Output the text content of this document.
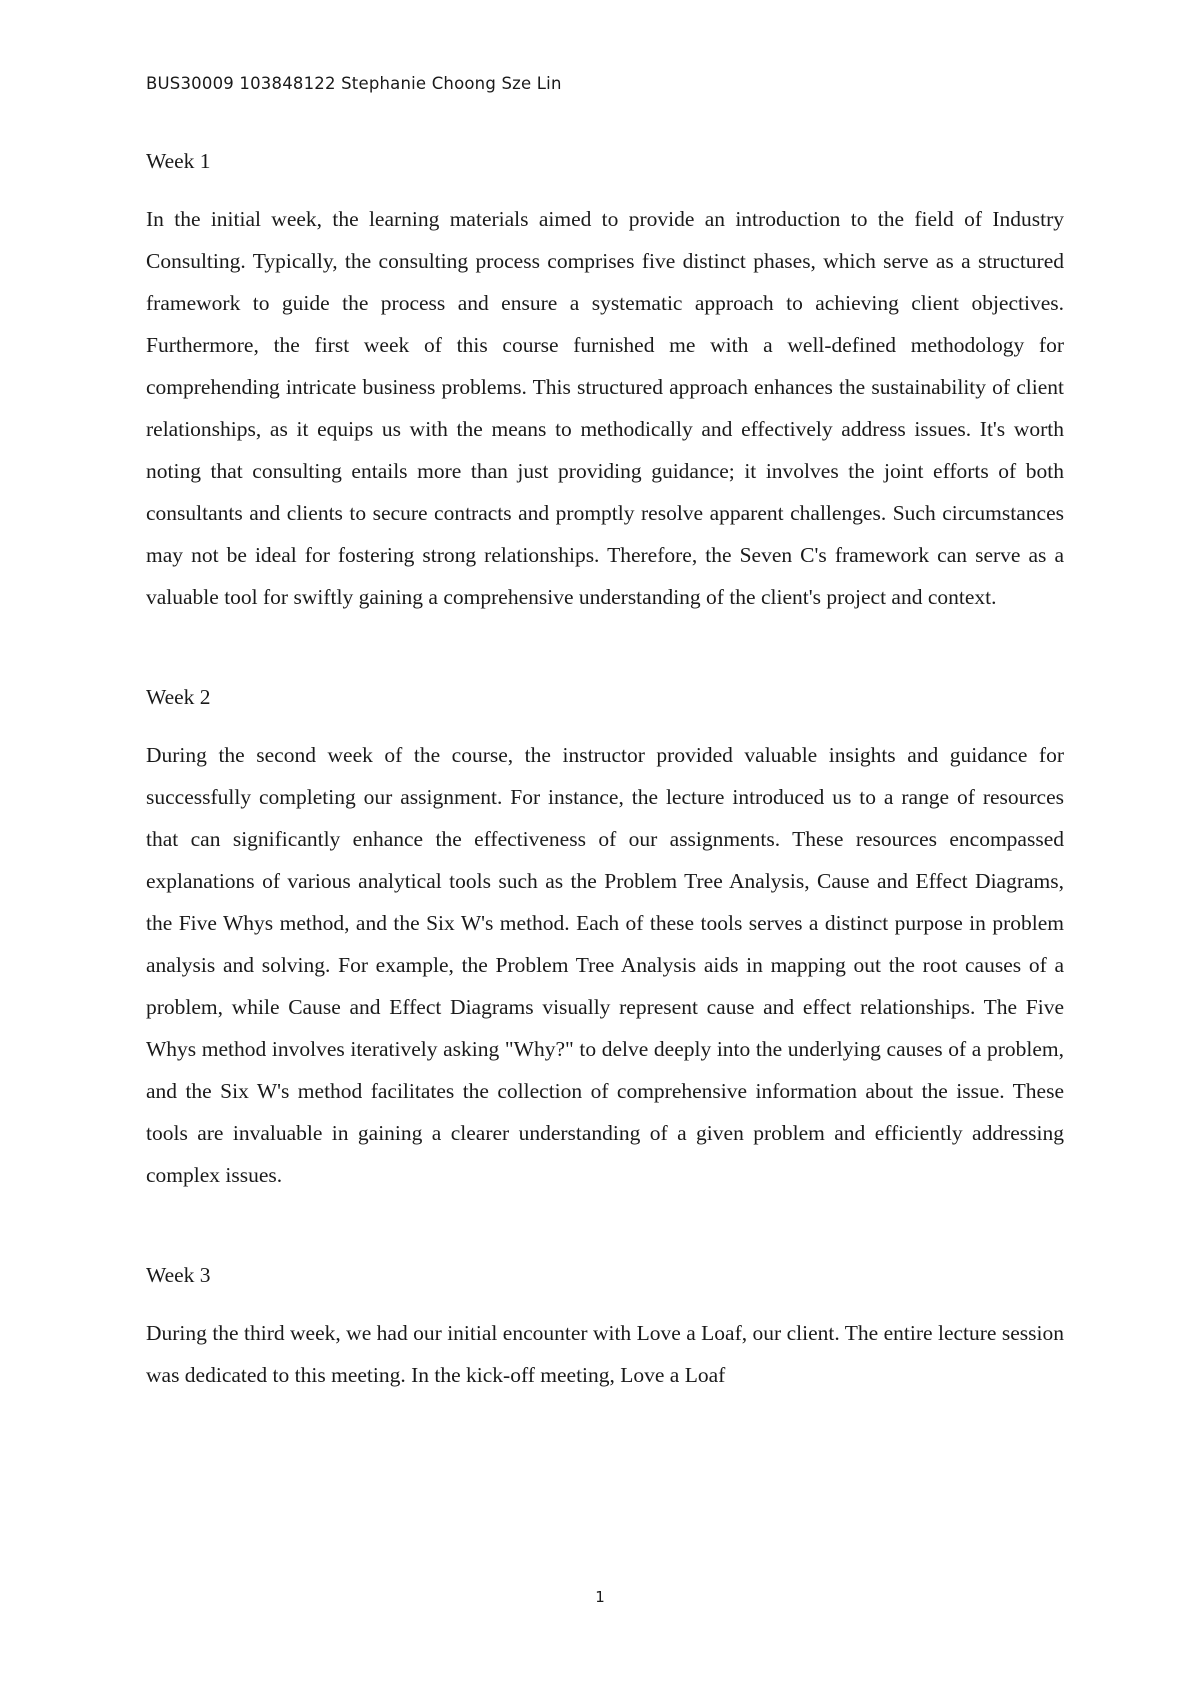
BUS30009 103848122 Stephanie Choong Sze Lin
Week 1

In the initial week, the learning materials aimed to provide an introduction to the field of Industry Consulting. Typically, the consulting process comprises five distinct phases, which serve as a structured framework to guide the process and ensure a systematic approach to achieving client objectives. Furthermore, the first week of this course furnished me with a well-defined methodology for comprehending intricate business problems. This structured approach enhances the sustainability of client relationships, as it equips us with the means to methodically and effectively address issues. It's worth noting that consulting entails more than just providing guidance; it involves the joint efforts of both consultants and clients to secure contracts and promptly resolve apparent challenges. Such circumstances may not be ideal for fostering strong relationships. Therefore, the Seven C's framework can serve as a valuable tool for swiftly gaining a comprehensive understanding of the client's project and context.

Week 2

During the second week of the course, the instructor provided valuable insights and guidance for successfully completing our assignment. For instance, the lecture introduced us to a range of resources that can significantly enhance the effectiveness of our assignments. These resources encompassed explanations of various analytical tools such as the Problem Tree Analysis, Cause and Effect Diagrams, the Five Whys method, and the Six W's method. Each of these tools serves a distinct purpose in problem analysis and solving. For example, the Problem Tree Analysis aids in mapping out the root causes of a problem, while Cause and Effect Diagrams visually represent cause and effect relationships. The Five Whys method involves iteratively asking "Why?" to delve deeply into the underlying causes of a problem, and the Six W's method facilitates the collection of comprehensive information about the issue. These tools are invaluable in gaining a clearer understanding of a given problem and efficiently addressing complex issues.

Week 3

During the third week, we had our initial encounter with Love a Loaf, our client. The entire lecture session was dedicated to this meeting. In the kick-off meeting, Love a Loaf

1
